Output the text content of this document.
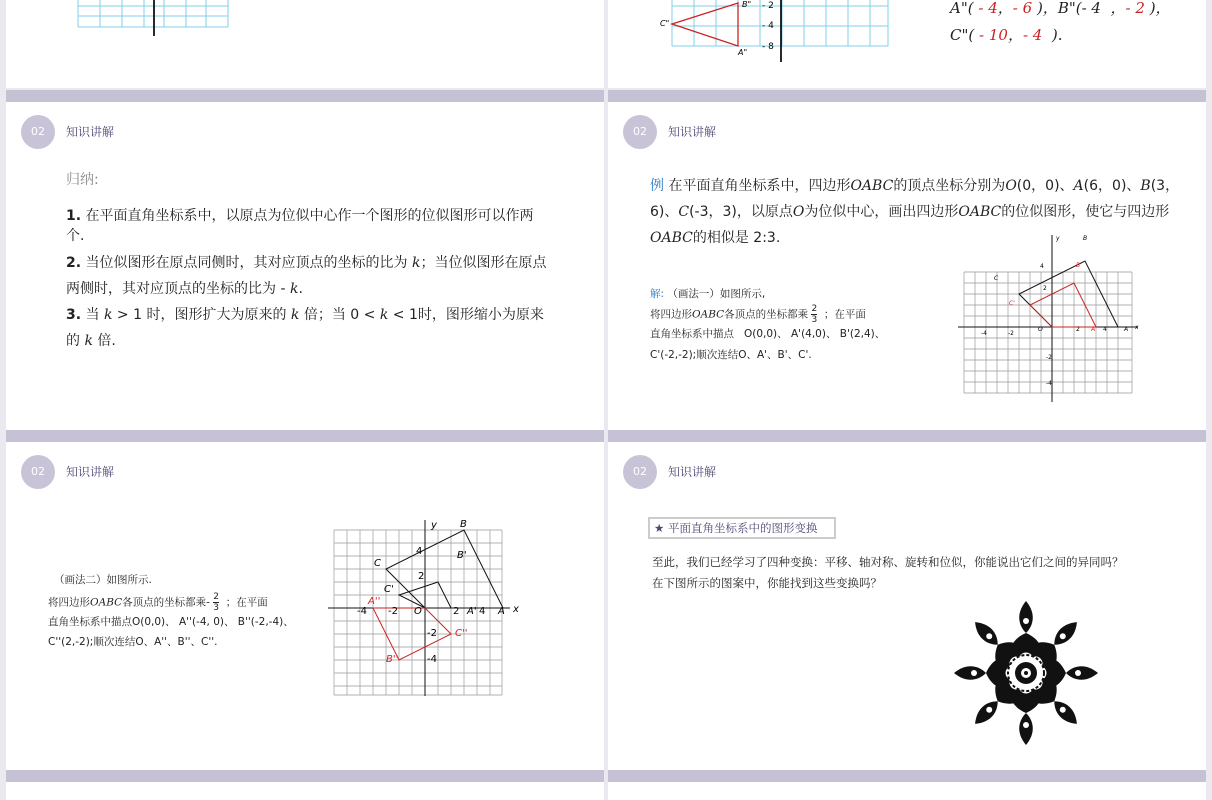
B"
C"
A"
- 2
- 4
- 8
A"( - 4，- 6 )，B"(- 4 ，- 2 )，
C"( - 10，- 4 ).
02	知识讲解
归纳:
1. 在平面直角坐标系中，以原点为位似中心作一个图形的位似图形可以作两个.
2. 当位似图形在原点同侧时，其对应顶点的坐标的比为 k；当位似图形在原点两侧时，其对应顶点的坐标的比为 - k.
3. 当 k > 1 时，图形扩大为原来的 k 倍；当 0 < k < 1时，图形缩小为原来的 k 倍.
02	知识讲解
例 在平面直角坐标系中，四边形OABC的顶点坐标分别为O(0，0)、A(6，0)、B(3，6)、C(-3，3)，以原点O为位似中心，画出四边形OABC的位似图形，使它与四边形OABC的相似是 2:3.
解: （画法一）如图所示,
将四边形OABC各顶点的坐标都乘 $\frac{2}{3}$ ；在平面
直角坐标系中描点 O(0,0)、 A'(4,0)、 B'(2,4)、
C'(-2,-2);顺次连结O、A'、B'、C'.
y
x
B
B'
C
C'
O	A'	A
4
2
2	4
-4	-2
-2
-4
02	知识讲解
（画法二）如图所示.
将四边形OABC各顶点的坐标都乘- $\frac{2}{3}$ ；在平面
直角坐标系中描点O(0,0)、 A''(-4, 0)、 B''(-2,-4)、
C''(2,-2);顺次连结O、A''、B''、C''.
y
x
B
C
B'
C'
O	A' A
A''
B''
C''
4
2
2 4
-4 -2
-2
-4
02	知识讲解
★ 平面直角坐标系中的图形变换
至此，我们已经学习了四种变换：平移、轴对称、旋转和位似，你能说出它们之间的异同吗？
在下图所示的图案中，你能找到这些变换吗？
